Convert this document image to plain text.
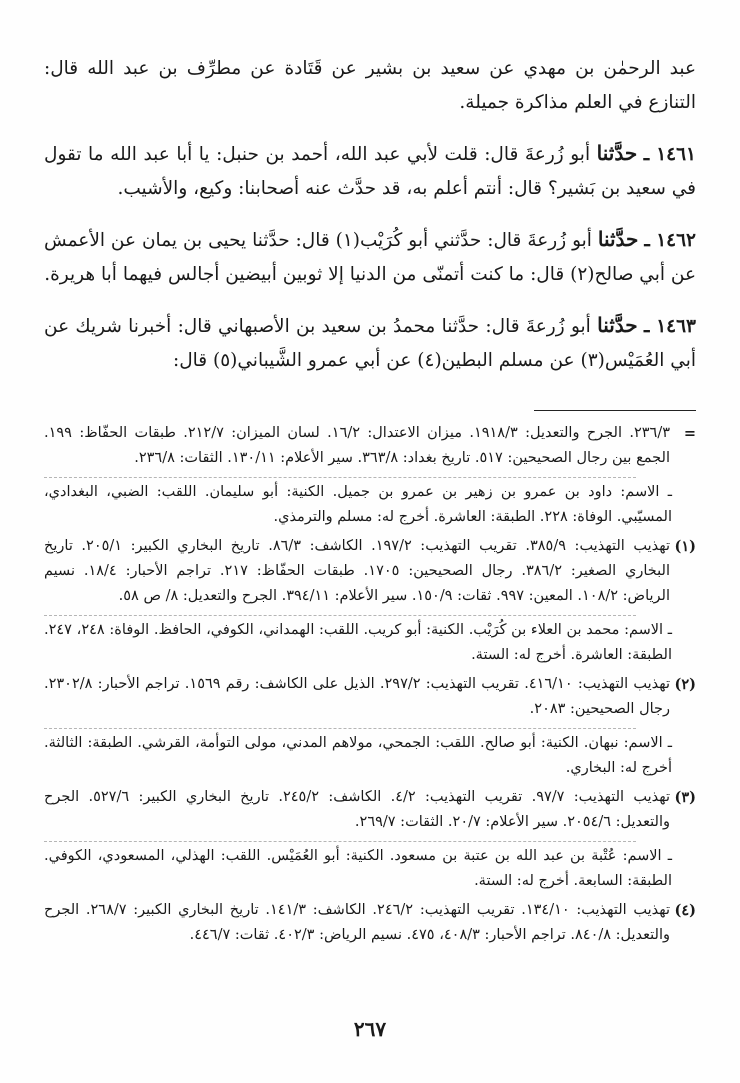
عبد الرحمٰن بن مهدي عن سعيد بن بشير عن قَتَادة عن مطرِّف بن عبد الله قال: التنازع في العلم مذاكرة جميلة.

١٤٦١ ـ حدَّثنا أبو زُرعةَ قال: قلت لأبي عبد الله، أحمد بن حنبل: يا أبا عبد الله ما تقول في سعيد بن بَشير؟ قال: أنتم أعلم به، قد حدَّث عنه أصحابنا: وكيع، والأشيب.

١٤٦٢ ـ حدَّثنا أبو زُرعةَ قال: حدَّثني أبو كُرَيْب(١) قال: حدَّثنا يحيى بن يمان عن الأعمش عن أبي صالح(٢) قال: ما كنت أتمنّى من الدنيا إلا ثوبين أبيضين أجالس فيهما أبا هريرة.

١٤٦٣ ـ حدَّثنا أبو زُرعةَ قال: حدَّثنا محمدُ بن سعيد بن الأصبهاني قال: أخبرنا شريك عن أبي العُمَيْس(٣) عن مسلم البطين(٤) عن أبي عمرو الشَّيباني(٥) قال:

=

٢٣٦/٣. الجرح والتعديل: ١٩١٨/٣. ميزان الاعتدال: ١٦/٢. لسان الميزان: ٢١٢/٧. طبقات الحفّاظ: ١٩٩. الجمع بين رجال الصحيحين: ٥١٧. تاريخ بغداد: ٣٦٣/٨. سير الأعلام: ١٣٠/١١. الثقات: ٢٣٦/٨.

ـ الاسم: داود بن عمرو بن زهير بن عمرو بن جميل. الكنية: أبو سليمان. اللقب: الضبي، البغدادي، المسيّبي. الوفاة: ٢٢٨. الطبقة: العاشرة. أخرج له: مسلم والترمذي.

(١)

تهذيب التهذيب: ٣٨٥/٩. تقريب التهذيب: ١٩٧/٢. الكاشف: ٨٦/٣. تاريخ البخاري الكبير: ٢٠٥/١. تاريخ البخاري الصغير: ٣٨٦/٢. رجال الصحيحين: ١٧٠٥. طبقات الحفّاظ: ٢١٧. تراجم الأحبار: ١٨/٤. نسيم الرياض: ١٠٨/٢. المعين: ٩٩٧. ثقات: ١٥٠/٩. سير الأعلام: ٣٩٤/١١. الجرح والتعديل: ٨/ ص ٥٨.

ـ الاسم: محمد بن العلاء بن كُرَيْب. الكنية: أبو كريب. اللقب: الهمداني، الكوفي، الحافظ. الوفاة: ٢٤٨، ٢٤٧. الطبقة: العاشرة. أخرج له: الستة.

(٢)

تهذيب التهذيب: ٤١٦/١٠. تقريب التهذيب: ٢٩٧/٢. الذيل على الكاشف: رقم ١٥٦٩. تراجم الأحبار: ٢٣٠٢/٨. رجال الصحيحين: ٢٠٨٣.

ـ الاسم: نبهان. الكنية: أبو صالح. اللقب: الجمحي، مولاهم المدني، مولى التوأمة، القرشي. الطبقة: الثالثة. أخرج له: البخاري.

(٣)

تهذيب التهذيب: ٩٧/٧. تقريب التهذيب: ٤/٢. الكاشف: ٢٤٥/٢. تاريخ البخاري الكبير: ٥٢٧/٦. الجرح والتعديل: ٢٠٥٤/٦. سير الأعلام: ٢٠/٧. الثقات: ٢٦٩/٧.

ـ الاسم: عُتْبة بن عبد الله بن عتبة بن مسعود. الكنية: أبو العُمَيْس. اللقب: الهذلي، المسعودي، الكوفي. الطبقة: السابعة. أخرج له: الستة.

(٤)

تهذيب التهذيب: ١٣٤/١٠. تقريب التهذيب: ٢٤٦/٢. الكاشف: ١٤١/٣. تاريخ البخاري الكبير: ٢٦٨/٧. الجرح والتعديل: ٨٤٠/٨. تراجم الأحبار: ٤٠٨/٣، ٤٧٥. نسيم الرياض: ٤٠٢/٣. ثقات: ٤٤٦/٧.

٢٦٧
